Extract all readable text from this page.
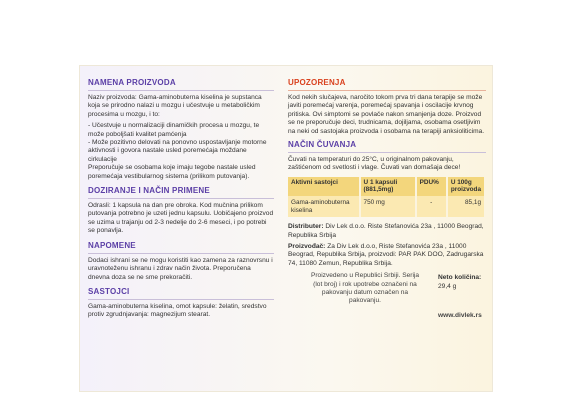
NAMENA PROIZVODA

Naziv proizvoda: Gama-aminobuterna kiselina je supstanca koja se prirodno nalazi u mozgu i učestvuje u metaboličkim procesima u mozgu, i to:

- Učestvuje u normalizaciji dinamičkih procesa u mozgu, te može poboljšati kvalitet pamćenja

- Može pozitivno delovati na ponovno uspostavljanje motorne aktivnosti i govora nastale usled poremećaja moždane cirkulacije

Preporučuje se osobama koje imaju tegobe nastale usled poremećaja vestibularnog sistema (prilikom putovanja).

DOZIRANJE I NAČIN PRIMENE

Odrasli: 1 kapsula na dan pre obroka. Kod mučnina prilikom putovanja potrebno je uzeti jednu kapsulu. Uobičajeno proizvod se uzima u trajanju od 2-3 nedelje do 2-6 meseci, i po potrebi se ponavlja.

NAPOMENE

Dodaci ishrani se ne mogu koristiti kao zamena za raznovrsnu i uravnoteženu ishranu i zdrav način života. Preporučena dnevna doza se ne sme prekoračiti.

SASTOJCI

Gama-aminobuterna kiselina, omot kapsule: želatin, sredstvo protiv zgrudnjavanja: magnezijum stearat.

UPOZORENJA

Kod nekih slučajeva, naročito tokom prva tri dana terapije se može javiti poremećaj varenja, poremećaj spavanja i oscilacije krvnog pritiska. Ovi simptomi se povlače nakon smanjenja doze. Proizvod se ne preporučuje deci, trudnicama, dojiljama, osobama osetljivim na neki od sastojaka proizvoda i osobama na terapiji anksioliticima.

NAČIN ČUVANJA

Čuvati na temperaturi do 25°C, u originalnom pakovanju, zaštićenom od svetlosti i vlage. Čuvati van domašaja dece!

Aktivni sastojci	U 1 kapsuli (881,5mg)	PDU%	U 100g proizvoda
Gama-aminobuterna kiselina	750 mg	-	85,1g

Distributer: Div Lek d.o.o. Riste Stefanovića 23a , 11000 Beograd, Republika Srbija

Proizvođač: Za Div Lek d.o.o, Riste Stefanovića 23a , 11000 Beograd, Republika Srbija, proizvodi: PAR PAK DOO, Zadrugarska 74, 11080 Zemun, Republika Srbija.

Proizvedeno u Republici Srbiji. Serija (lot broj) i rok upotrebe označeni na pakovanju datum označen na pakovanju.
Neto količina:
29,4 g
www.divlek.rs
